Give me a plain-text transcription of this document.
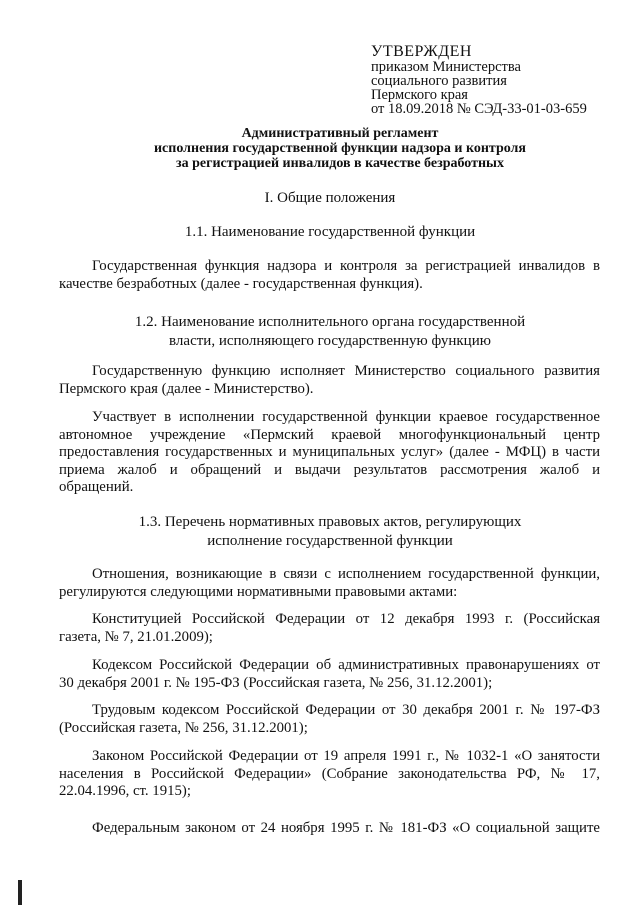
УТВЕРЖДЕН
приказом Министерства
социального развития
Пермского края
от 18.09.2018 № СЭД-33-01-03-659
Административный регламент
исполнения государственной функции надзора и контроля
за регистрацией инвалидов в качестве безработных
I. Общие положения
1.1. Наименование государственной функции
Государственная функция надзора и контроля за регистрацией инвалидов в
качестве безработных (далее - государственная функция).
1.2. Наименование исполнительного органа государственной
власти, исполняющего государственную функцию
Государственную функцию исполняет Министерство социального развития
Пермского края (далее - Министерство).
Участвует в исполнении государственной функции краевое государственное
автономное учреждение «Пермский краевой многофункциональный центр
предоставления государственных и муниципальных услуг» (далее - МФЦ) в части
приема жалоб и обращений и выдачи результатов рассмотрения жалоб и
обращений.
1.3. Перечень нормативных правовых актов, регулирующих
исполнение государственной функции
Отношения, возникающие в связи с исполнением государственной функции,
регулируются следующими нормативными правовыми актами:
Конституцией Российской Федерации от 12 декабря 1993 г. (Российская
газета, № 7, 21.01.2009);
Кодексом Российской Федерации об административных правонарушениях от
30 декабря 2001 г. № 195-ФЗ (Российская газета, № 256, 31.12.2001);
Трудовым кодексом Российской Федерации от 30 декабря 2001 г. № 197-ФЗ
(Российская газета, № 256, 31.12.2001);
Законом Российской Федерации от 19 апреля 1991 г., № 1032-1 «О занятости
населения в Российской Федерации» (Собрание законодательства РФ, № 17,
22.04.1996, ст. 1915);
Федеральным законом от 24 ноября 1995 г. № 181-ФЗ «О социальной защите
